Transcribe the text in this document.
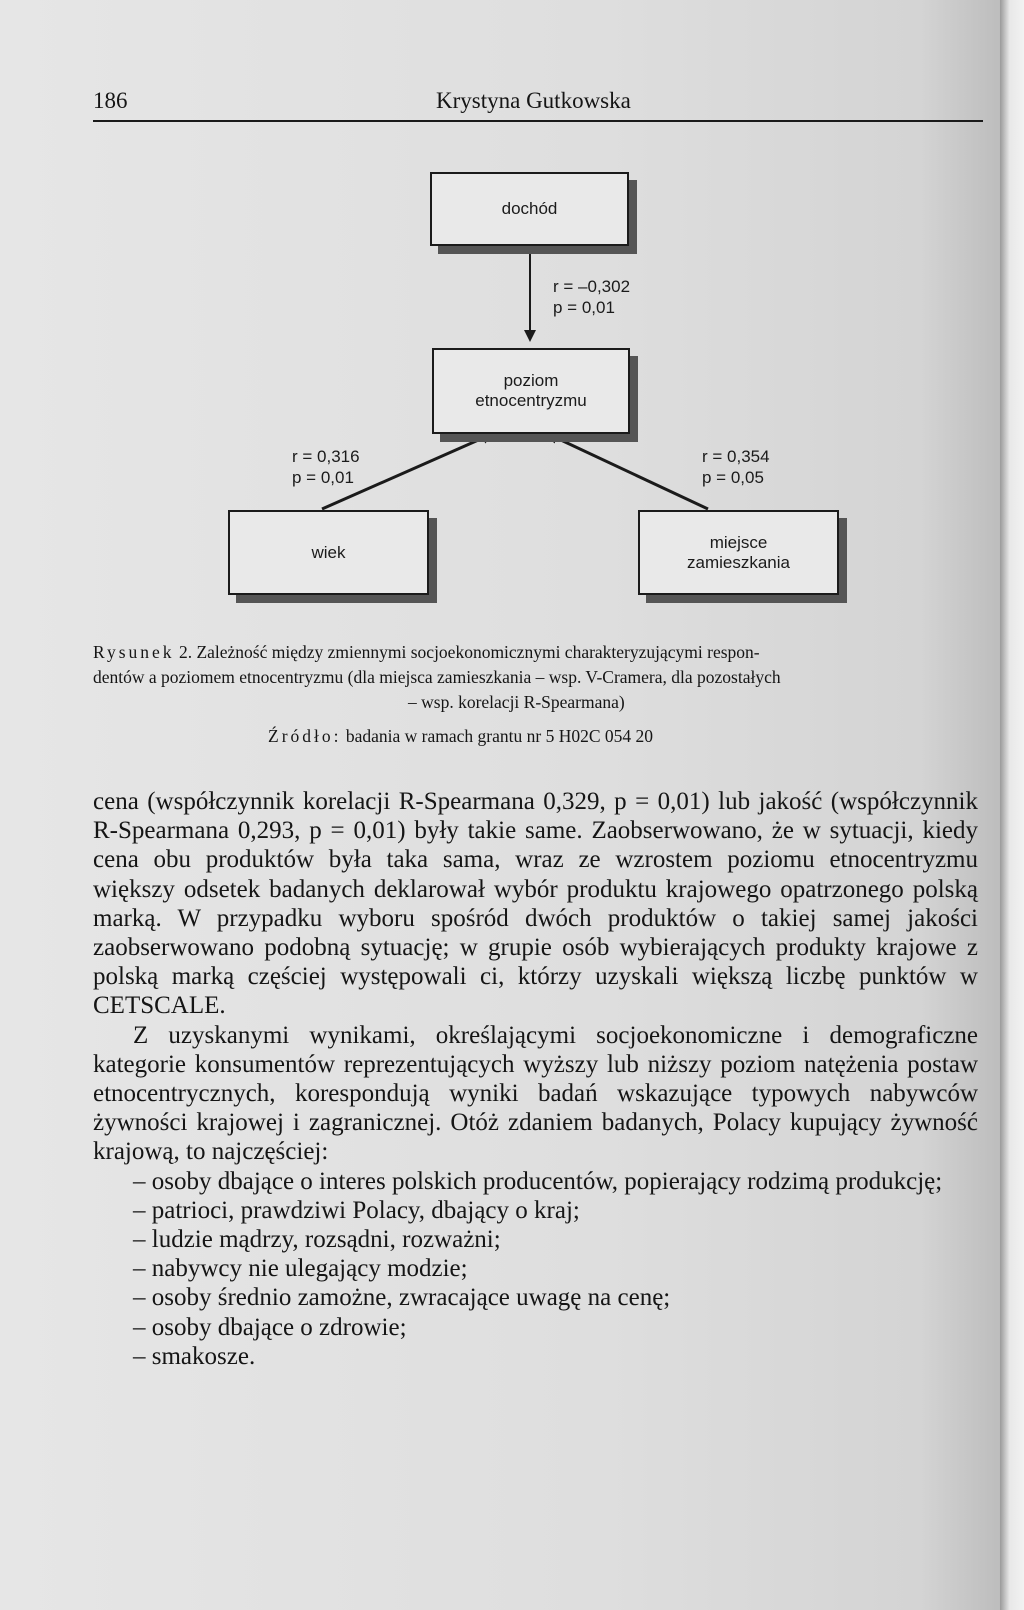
186	Krystyna Gutkowska
dochód
poziom
etnocentryzmu
wiek
miejsce
zamieszkania
r = –0,302
p = 0,01
r = 0,316
p = 0,01
r = 0,354
p = 0,05
Rysunek 2. Zależność między zmiennymi socjoekonomicznymi charakteryzującymi respon-
dentów a poziomem etnocentryzmu (dla miejsca zamieszkania – wsp. V-Cramera, dla pozostałych
– wsp. korelacji R-Spearmana)
Źródło: badania w ramach grantu nr 5 H02C 054 20

cena (współczynnik korelacji R-Spearmana 0,329, p = 0,01) lub jakość (współczynnik R-Spearmana 0,293, p = 0,01) były takie same. Zaobserwowano, że w sytuacji, kiedy cena obu produktów była taka sama, wraz ze wzrostem poziomu etnocentryzmu większy odsetek badanych deklarował wybór produktu krajowego opatrzonego polską marką. W przypadku wyboru spośród dwóch produktów o takiej samej jakości zaobserwowano podobną sytuację; w grupie osób wybierających produkty krajowe z polską marką częściej występowali ci, którzy uzyskali większą liczbę punktów w CETSCALE.

Z uzyskanymi wynikami, określającymi socjoekonomiczne i demograficzne kategorie konsumentów reprezentujących wyższy lub niższy poziom natężenia postaw etnocentrycznych, korespondują wyniki badań wskazujące typowych nabywców żywności krajowej i zagranicznej. Otóż zdaniem badanych, Polacy kupujący żywność krajową, to najczęściej:

– osoby dbające o interes polskich producentów, popierający rodzimą produkcję;
– patrioci, prawdziwi Polacy, dbający o kraj;
– ludzie mądrzy, rozsądni, rozważni;
– nabywcy nie ulegający modzie;
– osoby średnio zamożne, zwracające uwagę na cenę;
– osoby dbające o zdrowie;
– smakosze.
